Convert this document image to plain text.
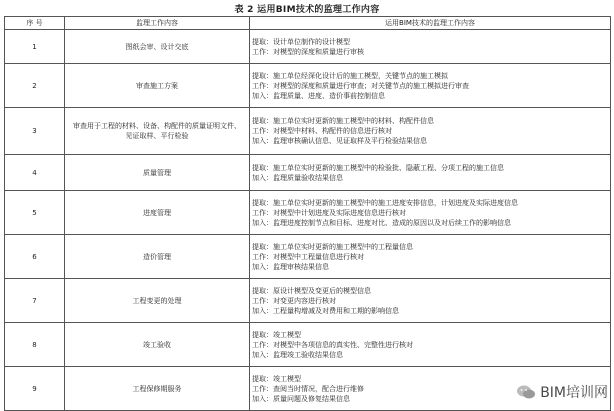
表 2 运用BIM技术的监理工作内容
序 号	监理工作内容	运用BIM技术的监理工作内容
1	图纸会审、设计交底	提取：设计单位制作的设计模型
工作：对模型的深度和质量进行审核

2	审查施工方案	提取：施工单位经深化设计后的施工模型，关键节点的施工模拟
工作：对模型的深度和质量进行审查；对关键节点的施工模拟进行审查
加入：监理质量、进度、造价事前控制信息

3	审查用于工程的材料、设备、构配件的质量证明文件、见证取样、平行检验	提取：施工单位实时更新的施工模型中的材料、构配件信息
工作：对模型中材料、构配件的信息进行核对
加入：监理审核确认信息、见证取样及平行检验结果信息

4	质量管理	提取：施工单位实时更新的施工模型中的检验批、隐蔽工程、分项工程的施工信息
加入：监理质量验收结果信息

5	进度管理	提取：施工单位实时更新的施工模型中的施工进度安排信息，计划进度及实际进度信息
工作：对模型中计划进度及实际进度信息进行核对
加入：监理进度控制节点和目标、进度对比、造成的原因以及对后续工作的影响信息

6	造价管理	提取：施工单位实时更新的施工模型中的工程量信息
工作：对模型中工程量信息进行核对
加入：监理审核结果信息

7	工程变更的处理	提取：原设计模型及变更后的模型信息
工作：对变更内容进行核对
加入：工程量构增减及对费用和工期的影响信息

8	竣工验收	提取：竣工模型
工作：对模型中各项信息的真实性、完整性进行核对
加入：监理竣工验收结果信息

9	工程保修期服务	提取：竣工模型
工作：查阅当时情况，配合进行维修
加入：质量问题及修复结果信息	BIM培训网
